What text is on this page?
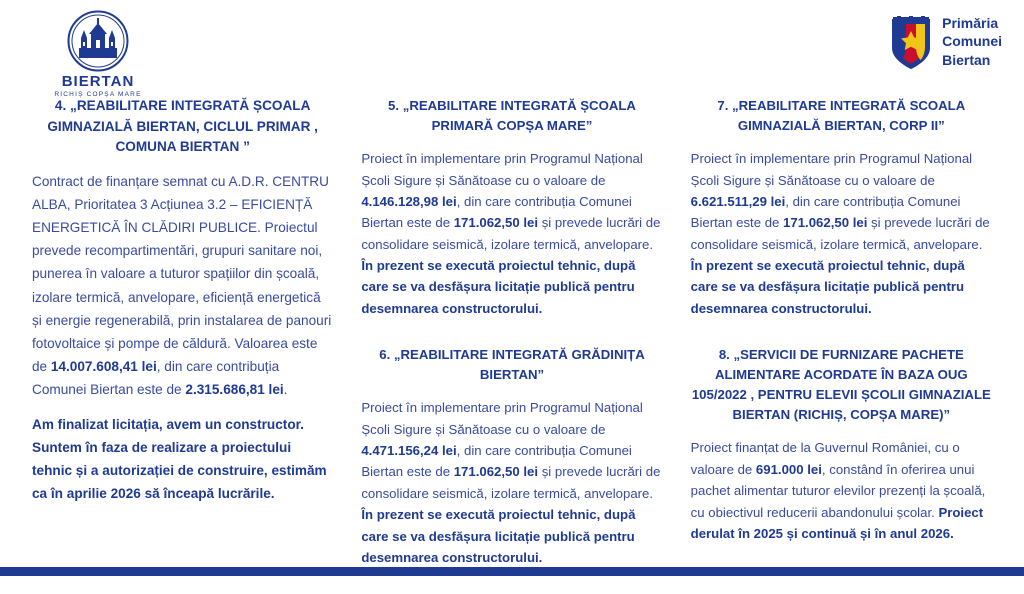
BIERTAN
RICHIȘ COPȘA MARE
Primăria
Comunei
Biertan
4. „REABILITARE INTEGRATĂ ȘCOALA GIMNAZIALĂ BIERTAN, CICLUL PRIMAR , COMUNA BIERTAN ”

Contract de finanțare semnat cu A.D.R. CENTRU ALBA, Prioritatea 3 Acțiunea 3.2 – EFICIENȚĂ ENERGETICĂ ÎN CLĂDIRI PUBLICE. Proiectul prevede recompartimentări, grupuri sanitare noi, punerea în valoare a tuturor spațiilor din școală, izolare termică, anvelopare, eficiență energetică și energie regenerabilă, prin instalarea de panouri fotovoltaice și pompe de căldură. Valoarea este de 14.007.608,41 lei, din care contribuția Comunei Biertan este de 2.315.686,81 lei.

Am finalizat licitația, avem un constructor. Suntem în faza de realizare a proiectului tehnic și a autorizației de construire, estimăm ca în aprilie 2026 să înceapă lucrările.

5. „REABILITARE INTEGRATĂ ȘCOALA PRIMARĂ COPȘA MARE”

Proiect în implementare prin Programul Național Școli Sigure și Sănătoase cu o valoare de 4.146.128,98 lei, din care contribuția Comunei Biertan este de 171.062,50 lei și prevede lucrări de consolidare seismică, izolare termică, anvelopare. În prezent se execută proiectul tehnic, după care se va desfășura licitație publică pentru desemnarea constructorului.

6. „REABILITARE INTEGRATĂ GRĂDINIȚA BIERTAN”

Proiect în implementare prin Programul Național Școli Sigure și Sănătoase cu o valoare de 4.471.156,24 lei, din care contribuția Comunei Biertan este de 171.062,50 lei și prevede lucrări de consolidare seismică, izolare termică, anvelopare. În prezent se execută proiectul tehnic, după care se va desfășura licitație publică pentru desemnarea constructorului.

7. „REABILITARE INTEGRATĂ SCOALA GIMNAZIALĂ BIERTAN, CORP II”

Proiect în implementare prin Programul Național Școli Sigure și Sănătoase cu o valoare de 6.621.511,29 lei, din care contribuția Comunei Biertan este de 171.062,50 lei și prevede lucrări de consolidare seismică, izolare termică, anvelopare. În prezent se execută proiectul tehnic, după care se va desfășura licitație publică pentru desemnarea constructorului.

8. „SERVICII DE FURNIZARE PACHETE ALIMENTARE ACORDATE ÎN BAZA OUG 105/2022 , PENTRU ELEVII ȘCOLII GIMNAZIALE BIERTAN (RICHIȘ, COPȘA MARE)”

Proiect finanțat de la Guvernul României, cu o valoare de 691.000 lei, constând în oferirea unui pachet alimentar tuturor elevilor prezenți la școală, cu obiectivul reducerii abandonului școlar. Proiect derulat în 2025 și continuă și în anul 2026.
